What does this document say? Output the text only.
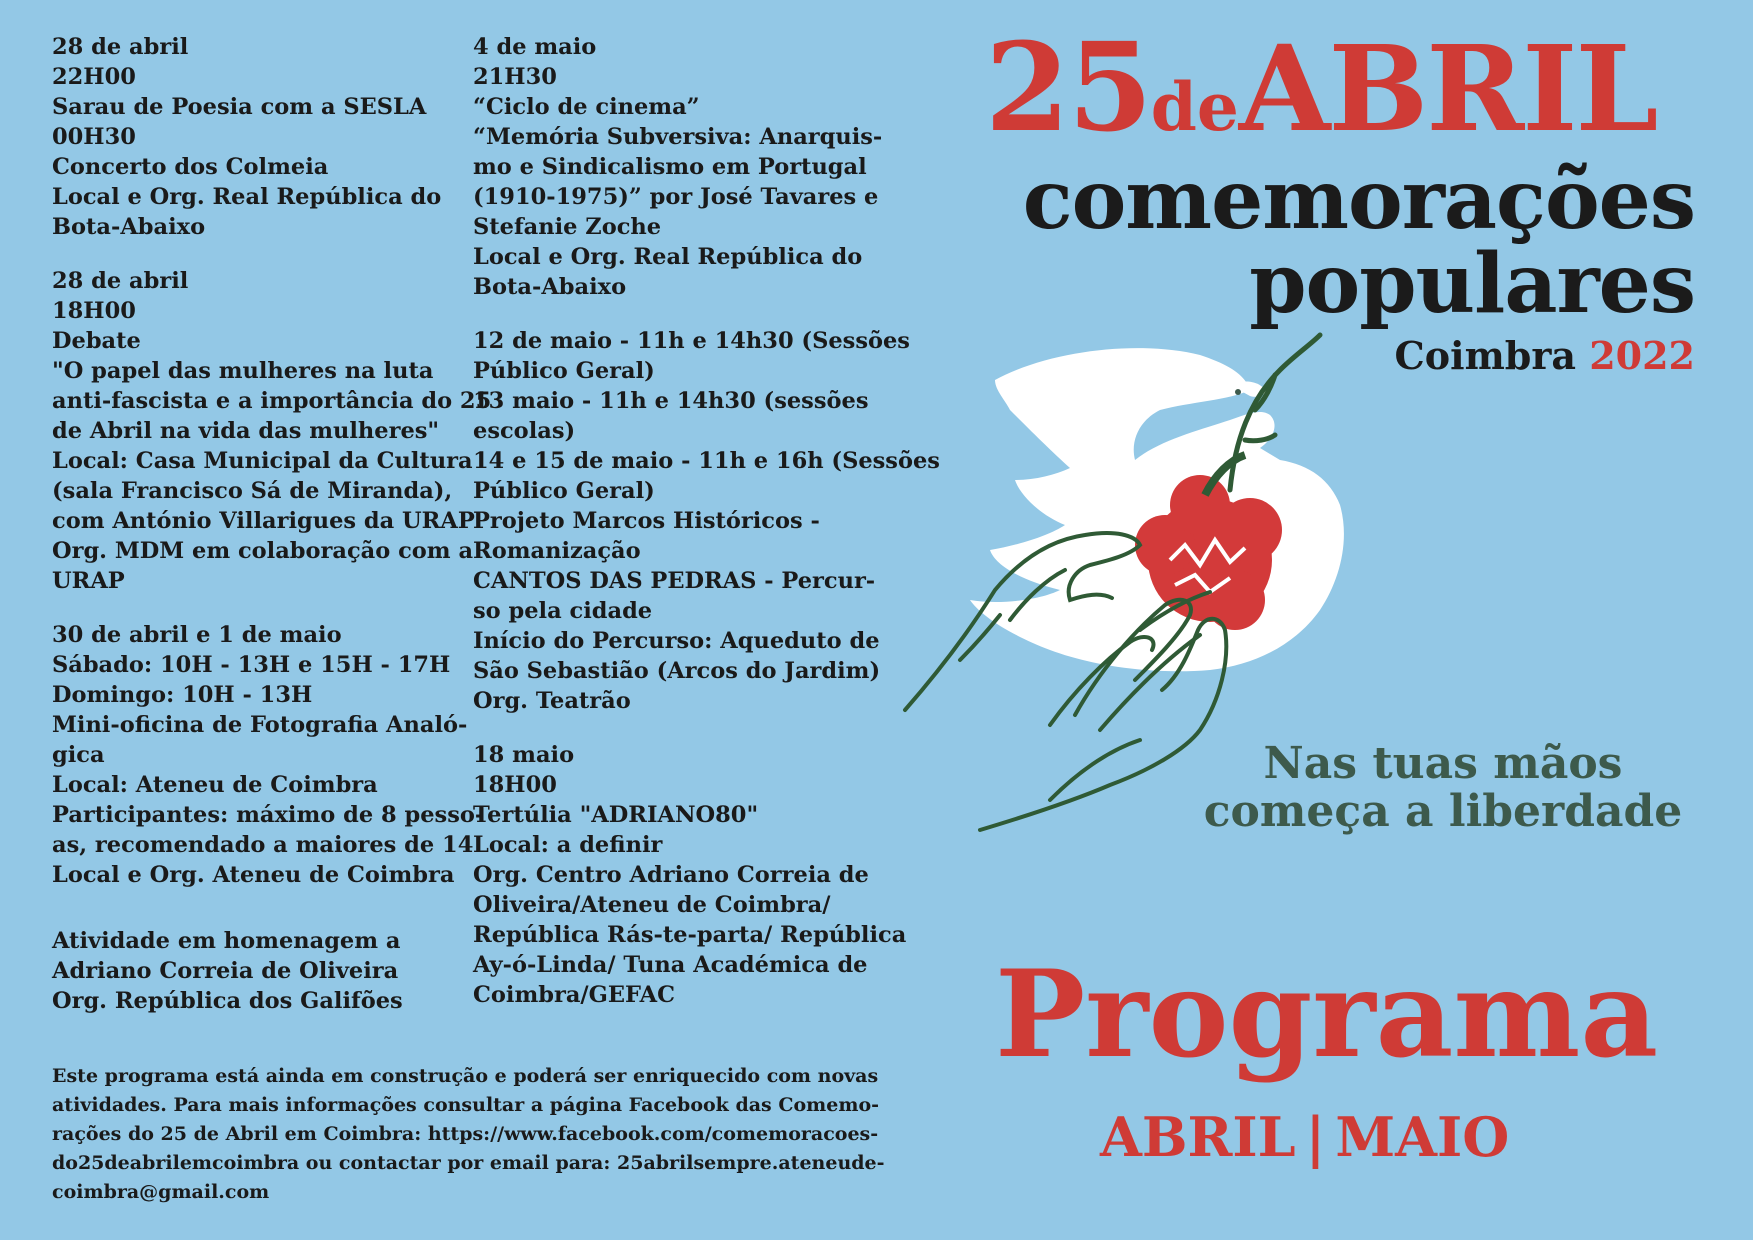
28 de abril
22H00
Sarau de Poesia com a SESLA
00H30
Concerto dos Colmeia
Local e Org. Real República do
Bota-Abaixo
28 de abril
18H00
Debate
"O papel das mulheres na luta
anti-fascista e a importância do 25
de Abril na vida das mulheres"
Local: Casa Municipal da Cultura
(sala Francisco Sá de Miranda),
com António Villarigues da URAP
Org. MDM em colaboração com a
URAP
30 de abril e 1 de maio
Sábado: 10H - 13H e 15H - 17H
Domingo: 10H - 13H
Mini-oficina de Fotografia Analó-
gica
Local: Ateneu de Coimbra
Participantes: máximo de 8 pesso-
as, recomendado a maiores de 14
Local e Org. Ateneu de Coimbra
Atividade em homenagem a
Adriano Correia de Oliveira
Org. República dos Galifões
4 de maio
21H30
“Ciclo de cinema”
“Memória Subversiva: Anarquis-
mo e Sindicalismo em Portugal
(1910-1975)” por José Tavares e
Stefanie Zoche
Local e Org. Real República do
Bota-Abaixo
12 de maio - 11h e 14h30 (Sessões
Público Geral)
13 maio - 11h e 14h30 (sessões
escolas)
14 e 15 de maio - 11h e 16h (Sessões
Público Geral)
Projeto Marcos Históricos -
Romanização
CANTOS DAS PEDRAS - Percur-
so pela cidade
Início do Percurso: Aqueduto de
São Sebastião (Arcos do Jardim)
Org. Teatrão
18 maio
18H00
Tertúlia "ADRIANO80"
Local: a definir
Org. Centro Adriano Correia de
Oliveira/Ateneu de Coimbra/
República Rás-te-parta/ República
Ay-ó-Linda/ Tuna Académica de
Coimbra/GEFAC
Este programa está ainda em construção e poderá ser enriquecido com novas
atividades. Para mais informações consultar a página Facebook das Comemo-
rações do 25 de Abril em Coimbra: https://www.facebook.com/comemoracoes-
do25deabrilemcoimbra ou contactar por email para: 25abrilsempre.ateneude-
coimbra@gmail.com
25deABRIL
comemorações
populares
Coimbra 2022
Nas tuas mãos
começa a liberdade
Programa
ABRIL | MAIO
